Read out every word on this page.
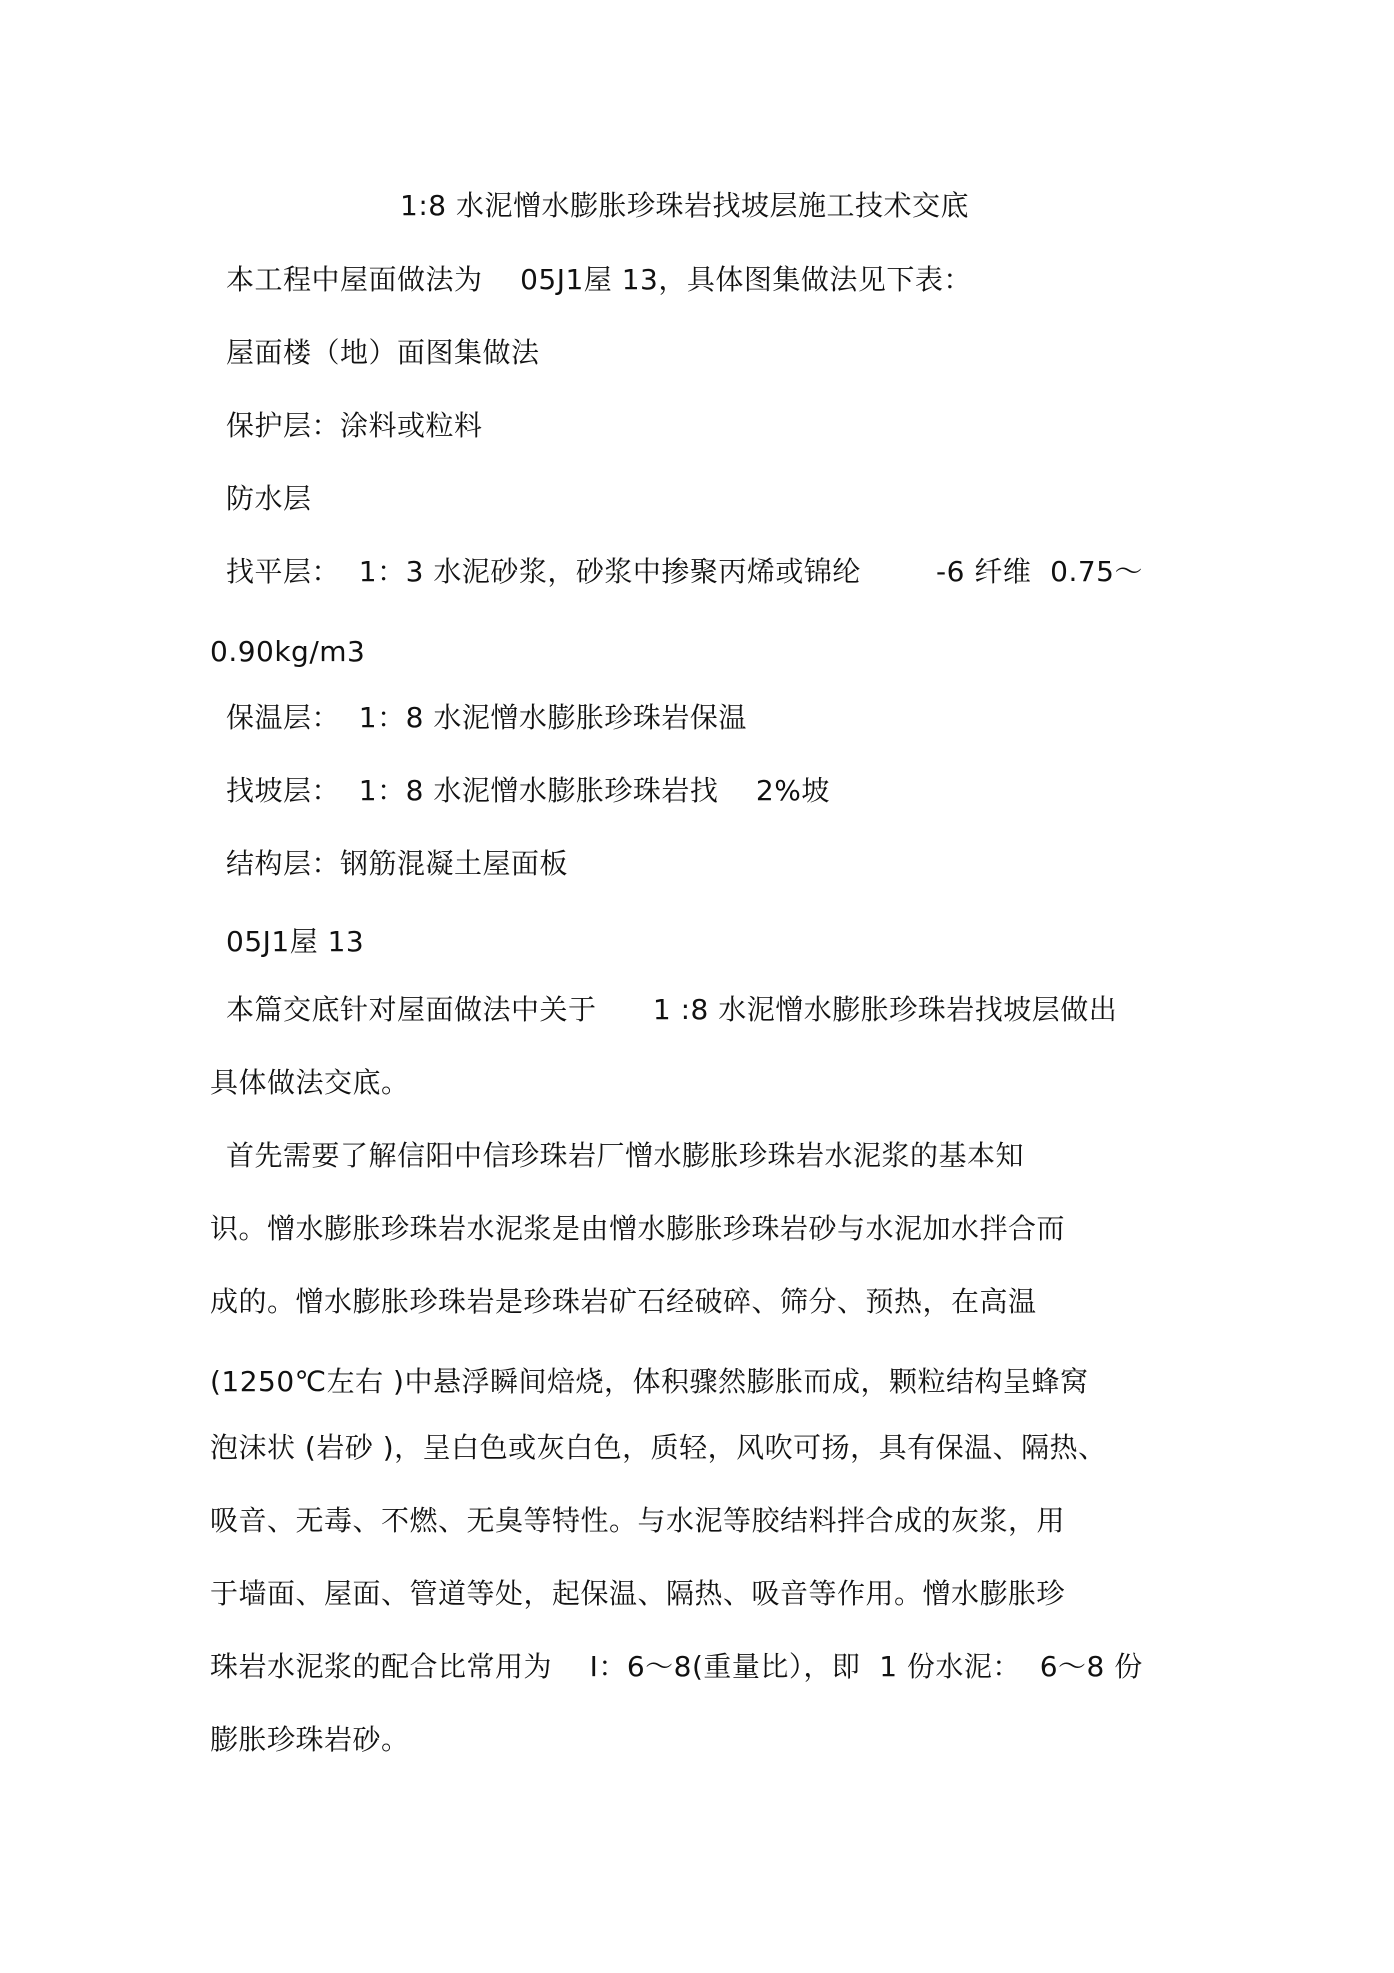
1:8 水泥憎水膨胀珍珠岩找坡层施工技术交底
本工程中屋面做法为    05J1屋 13，具体图集做法见下表：
屋面楼（地）面图集做法
保护层：涂料或粒料
防水层
找平层：  1：3 水泥砂浆，砂浆中掺聚丙烯或锦纶        -6 纤维  0.75～
0.90kg/m3
保温层：  1：8 水泥憎水膨胀珍珠岩保温
找坡层：  1：8 水泥憎水膨胀珍珠岩找    2%坡
结构层：钢筋混凝土屋面板
05J1屋 13
本篇交底针对屋面做法中关于      1 :8 水泥憎水膨胀珍珠岩找坡层做出
具体做法交底。
首先需要了解信阳中信珍珠岩厂憎水膨胀珍珠岩水泥浆的基本知
识。憎水膨胀珍珠岩水泥浆是由憎水膨胀珍珠岩砂与水泥加水拌合而
成的。憎水膨胀珍珠岩是珍珠岩矿石经破碎、筛分、预热，在高温
(1250℃左右 )中悬浮瞬间焙烧，体积骤然膨胀而成，颗粒结构呈蜂窝
泡沫状 (岩砂 )，呈白色或灰白色，质轻，风吹可扬，具有保温、隔热、
吸音、无毒、不燃、无臭等特性。与水泥等胶结料拌合成的灰浆，用
于墙面、屋面、管道等处，起保温、隔热、吸音等作用。憎水膨胀珍
珠岩水泥浆的配合比常用为    I：6～8(重量比），即  1 份水泥：  6～8 份
膨胀珍珠岩砂。
